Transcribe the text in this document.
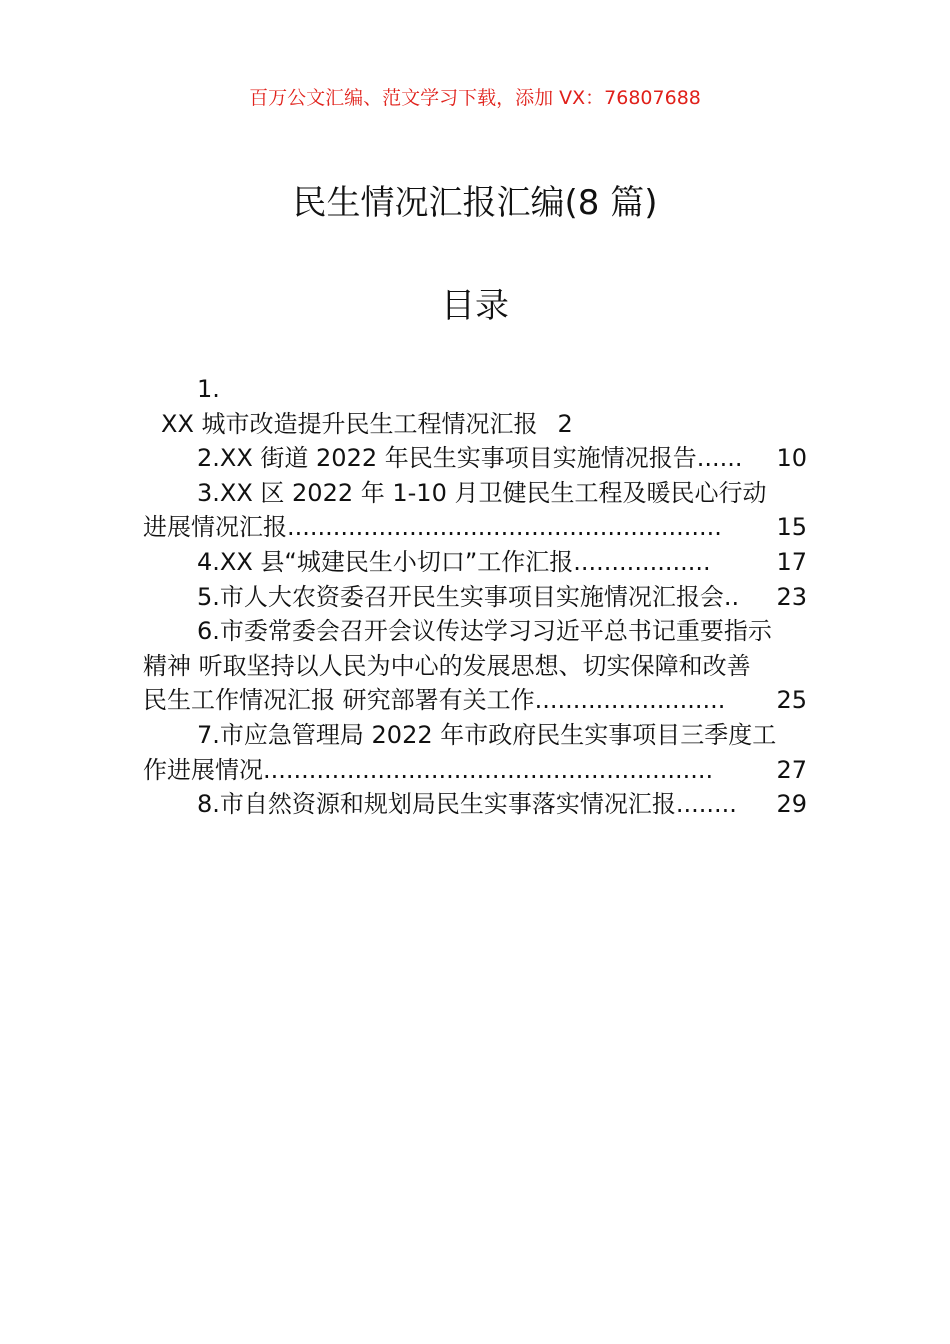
百万公文汇编、范文学习下载，添加 VX：76807688
民生情况汇报汇编(8 篇)
目录
1.
XX 城市改造提升民生工程情况汇报 2
2.XX 街道 2022 年民生实事项目实施情况报告 ......	10
3.XX 区 2022 年 1-10 月卫健民生工程及暖民心行动
进展情况汇报 .........................................................	15
4.XX 县“城建民生小切口”工作汇报 ..................	17
5.市人大农资委召开民生实事项目实施情况汇报会 ..	23
6.市委常委会召开会议传达学习习近平总书记重要指示
精神 听取坚持以人民为中心的发展思想、切实保障和改善
民生工作情况汇报 研究部署有关工作 .........................	25
7.市应急管理局 2022 年市政府民生实事项目三季度工
作进展情况 ...........................................................	27
8.市自然资源和规划局民生实事落实情况汇报 ........	29
